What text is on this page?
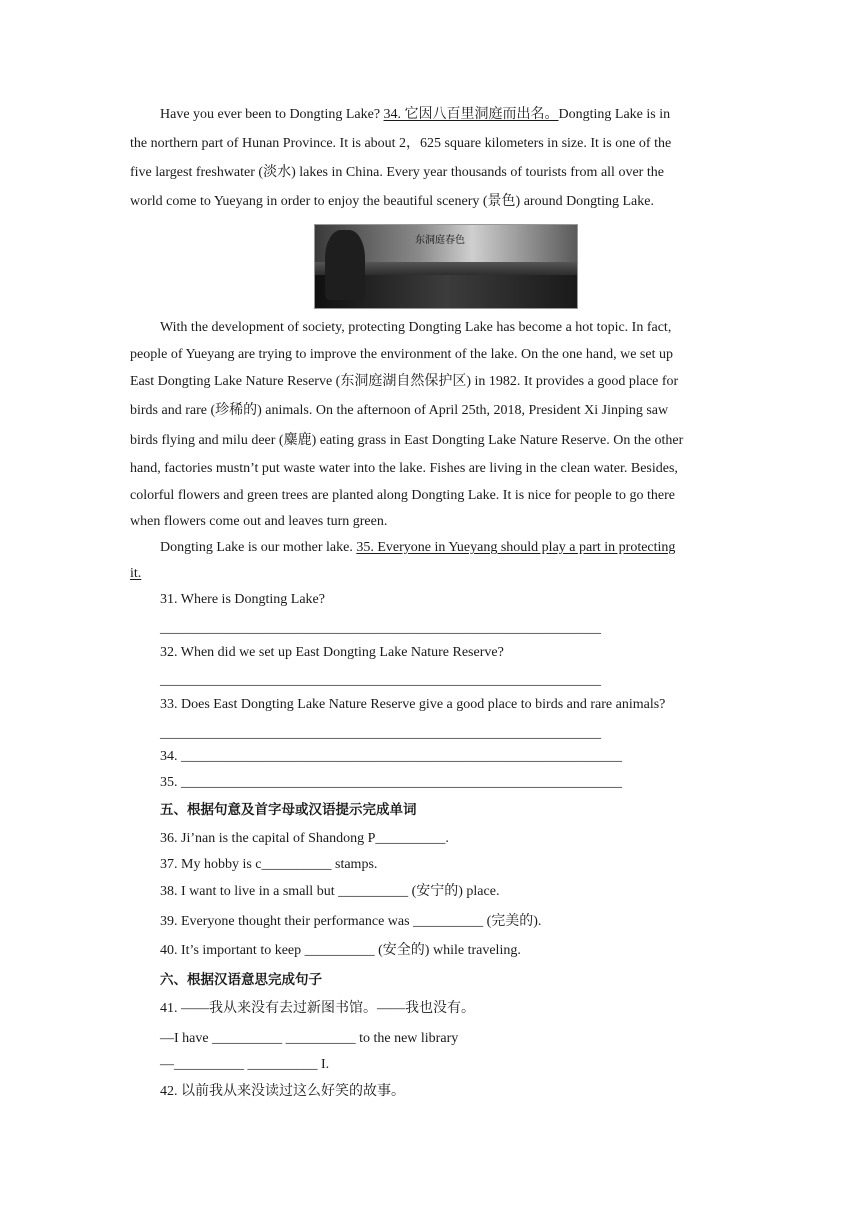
Have you ever been to Dongting Lake? 34. 它因八百里洞庭而出名。Dongting Lake is in
the northern part of Hunan Province. It is about 2，625 square kilometers in size. It is one of the
five largest freshwater (淡水) lakes in China. Every year thousands of tourists from all over the
world come to Yueyang in order to enjoy the beautiful scenery (景色) around Dongting Lake.
东洞庭春色
With the development of society, protecting Dongting Lake has become a hot topic. In fact,
people of Yueyang are trying to improve the environment of the lake. On the one hand, we set up
East Dongting Lake Nature Reserve (东洞庭湖自然保护区) in 1982. It provides a good place for
birds and rare (珍稀的) animals. On the afternoon of April 25th, 2018, President Xi Jinping saw
birds flying and milu deer (麋鹿) eating grass in East Dongting Lake Nature Reserve. On the other
hand, factories mustn’t put waste water into the lake. Fishes are living in the clean water. Besides,
colorful flowers and green trees are planted along Dongting Lake. It is nice for people to go there
when flowers come out and leaves turn green.
Dongting Lake is our mother lake. 35. Everyone in Yueyang should play a part in protecting
it.
31. Where is Dongting Lake?
_______________________________________________________________
32. When did we set up East Dongting Lake Nature Reserve?
_______________________________________________________________
33. Does East Dongting Lake Nature Reserve give a good place to birds and rare animals?
_______________________________________________________________
34. _______________________________________________________________
35. _______________________________________________________________
五、根据句意及首字母或汉语提示完成单词
36. Ji’nan is the capital of Shandong P__________.
37. My hobby is c__________ stamps.
38. I want to live in a small but __________ (安宁的) place.
39. Everyone thought their performance was __________ (完美的).
40. It’s important to keep __________ (安全的) while traveling.
六、根据汉语意思完成句子
41. ——我从来没有去过新图书馆。——我也没有。
—I have __________ __________ to the new library
—__________ __________ I.
42. 以前我从来没读过这么好笑的故事。
